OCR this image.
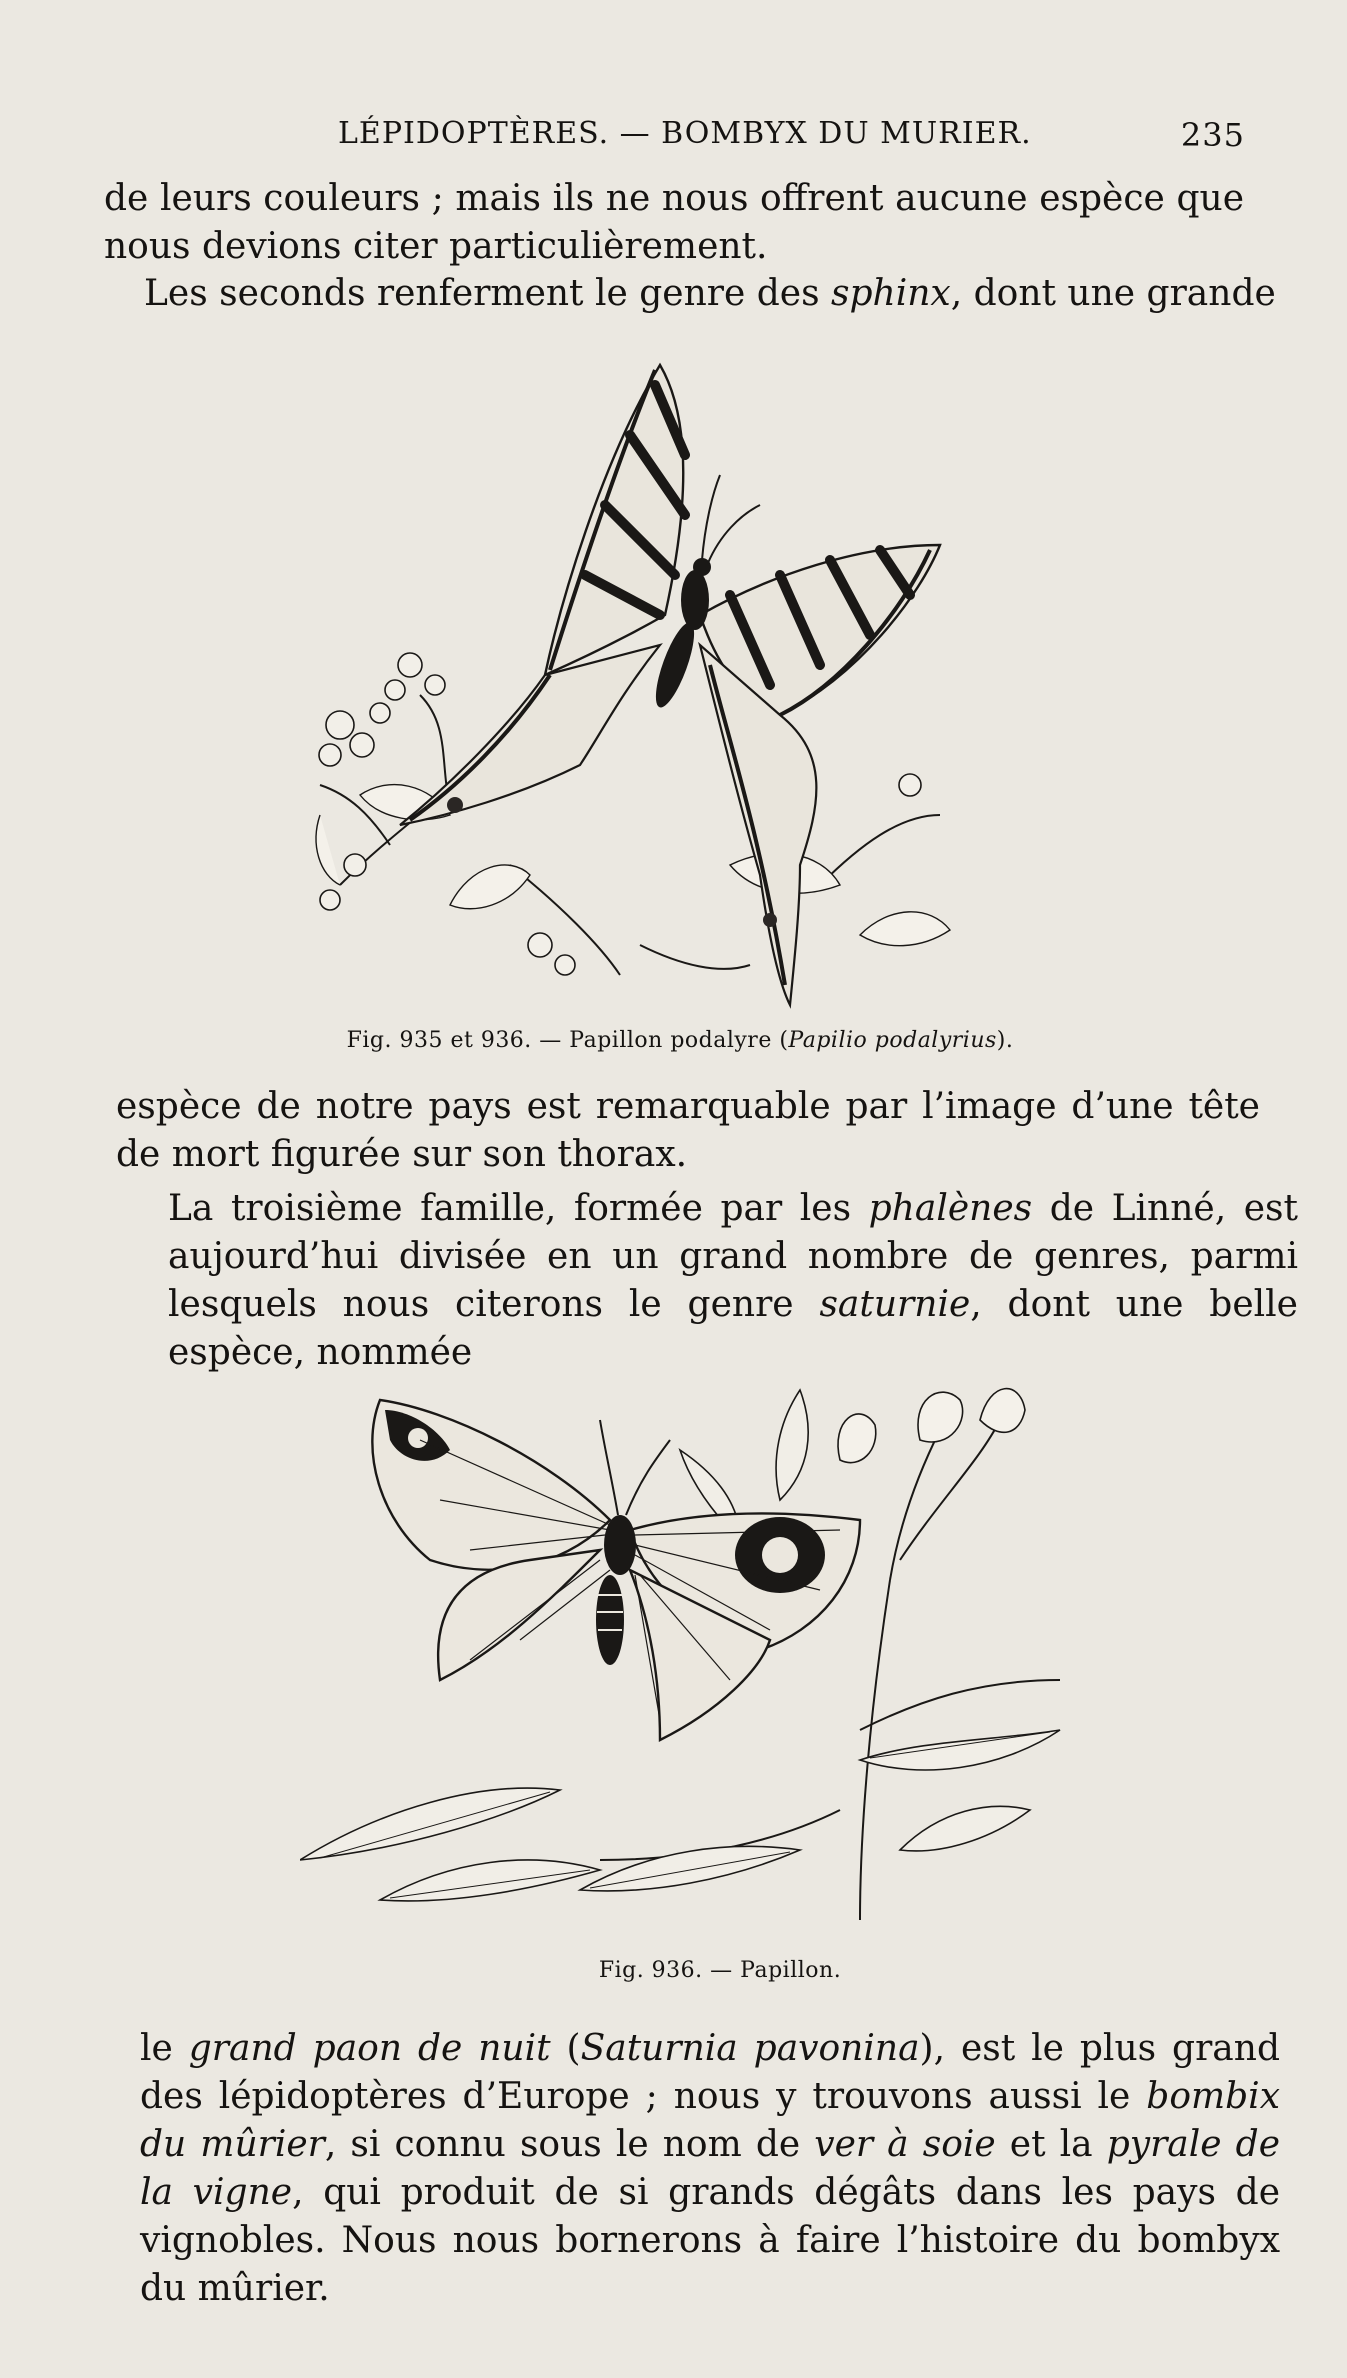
LÉPIDOPTÈRES. — BOMBYX DU MURIER.	235

de leurs couleurs ; mais ils ne nous offrent aucune espèce que nous devions citer particulièrement.

Les seconds renferment le genre des sphinx, dont une grande

Fig. 935 et 936. — Papillon podalyre (Papilio podalyrius).

espèce de notre pays est remarquable par l’image d’une tête de mort figurée sur son thorax.

La troisième famille, formée par les phalènes de Linné, est aujourd’hui divisée en un grand nombre de genres, parmi lesquels nous citerons le genre saturnie, dont une belle espèce, nommée

Fig. 936. — Papillon.

le grand paon de nuit (Saturnia pavonina), est le plus grand des lépidoptères d’Europe ; nous y trouvons aussi le bombix du mûrier, si connu sous le nom de ver à soie et la pyrale de la vigne, qui produit de si grands dégâts dans les pays de vignobles. Nous nous bornerons à faire l’histoire du bombyx du mûrier.
